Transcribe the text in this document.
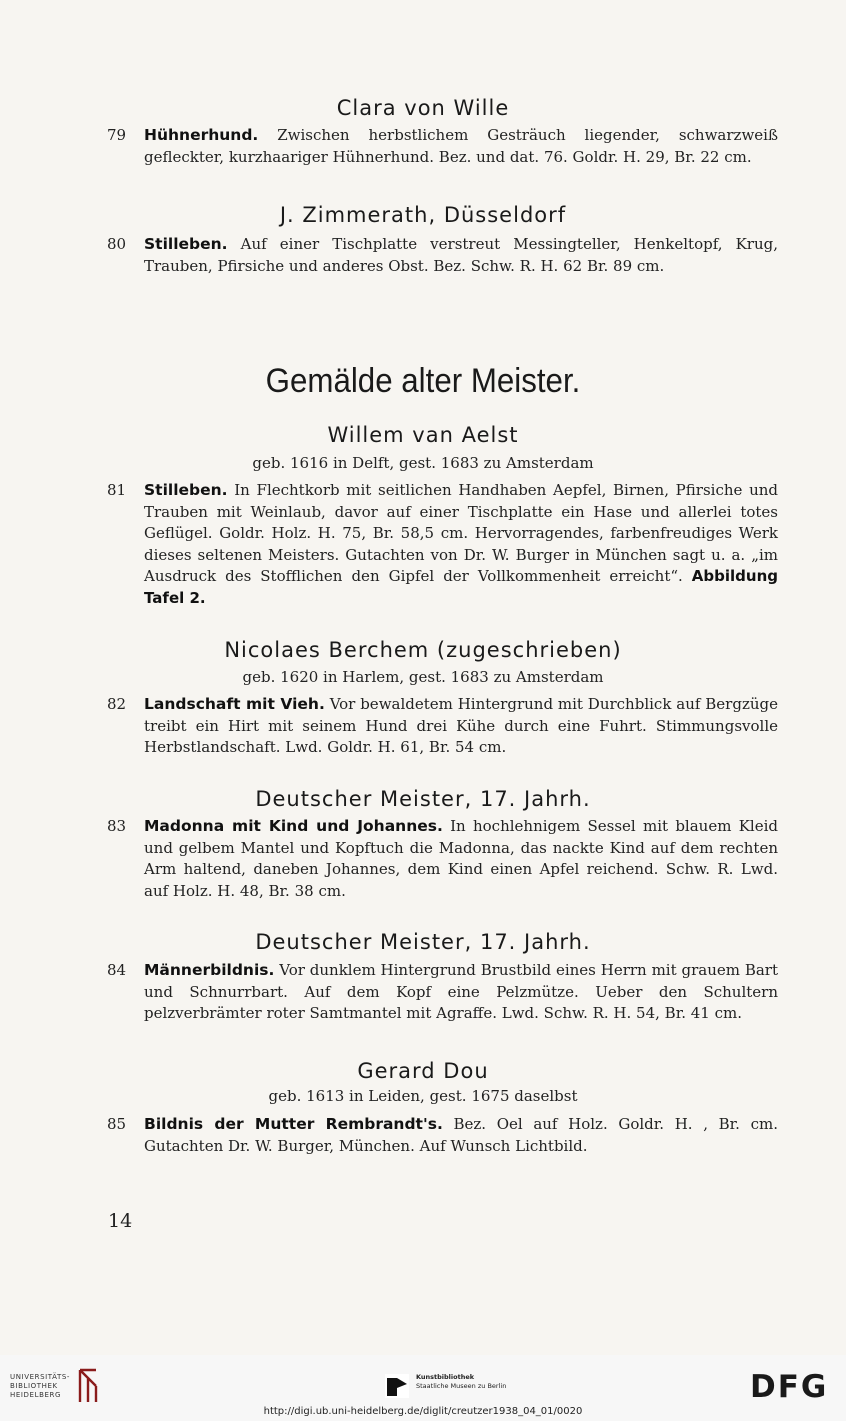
Clara von Wille
79	Hühnerhund. Zwischen herbstlichem Gesträuch liegender, schwarzweiß gefleckter, kurzhaariger Hühnerhund. Bez. und dat. 76. Goldr. H. 29, Br. 22 cm.
J. Zimmerath, Düsseldorf
80	Stilleben. Auf einer Tischplatte verstreut Messingteller, Henkeltopf, Krug, Trauben, Pfirsiche und anderes Obst. Bez. Schw. R. H. 62 Br. 89 cm.
Gemälde alter Meister.
Willem van Aelst
geb. 1616 in Delft, gest. 1683 zu Amsterdam
81	Stilleben. In Flechtkorb mit seitlichen Handhaben Aepfel, Birnen, Pfirsiche und Trauben mit Weinlaub, davor auf einer Tischplatte ein Hase und allerlei totes Geflügel. Goldr. Holz. H. 75, Br. 58,5 cm. Hervorragendes, farbenfreudiges Werk dieses seltenen Meisters. Gutachten von Dr. W. Burger in München sagt u. a. „im Ausdruck des Stofflichen den Gipfel der Vollkommenheit erreicht“. Abbildung Tafel 2.
Nicolaes Berchem (zugeschrieben)
geb. 1620 in Harlem, gest. 1683 zu Amsterdam
82	Landschaft mit Vieh. Vor bewaldetem Hintergrund mit Durchblick auf Bergzüge treibt ein Hirt mit seinem Hund drei Kühe durch eine Fuhrt. Stimmungsvolle Herbstlandschaft. Lwd. Goldr. H. 61, Br. 54 cm.
Deutscher Meister, 17. Jahrh.
83	Madonna mit Kind und Johannes. In hochlehnigem Sessel mit blauem Kleid und gelbem Mantel und Kopftuch die Madonna, das nackte Kind auf dem rechten Arm haltend, daneben Johannes, dem Kind einen Apfel reichend. Schw. R. Lwd. auf Holz. H. 48, Br. 38 cm.
Deutscher Meister, 17. Jahrh.
84	Männerbildnis. Vor dunklem Hintergrund Brustbild eines Herrn mit grauem Bart und Schnurrbart. Auf dem Kopf eine Pelzmütze. Ueber den Schultern pelzverbrämter roter Samtmantel mit Agraffe. Lwd. Schw. R. H. 54, Br. 41 cm.
Gerard Dou
geb. 1613 in Leiden, gest. 1675 daselbst
85	Bildnis der Mutter Rembrandt's. Bez. Oel auf Holz. Goldr. H. , Br. cm. Gutachten Dr. W. Burger, München. Auf Wunsch Lichtbild.
14
UNIVERSITÄTS-
BIBLIOTHEK
HEIDELBERG
Kunstbibliothek
Staatliche Museen zu Berlin	DFG
http://digi.ub.uni-heidelberg.de/diglit/creutzer1938_04_01/0020
